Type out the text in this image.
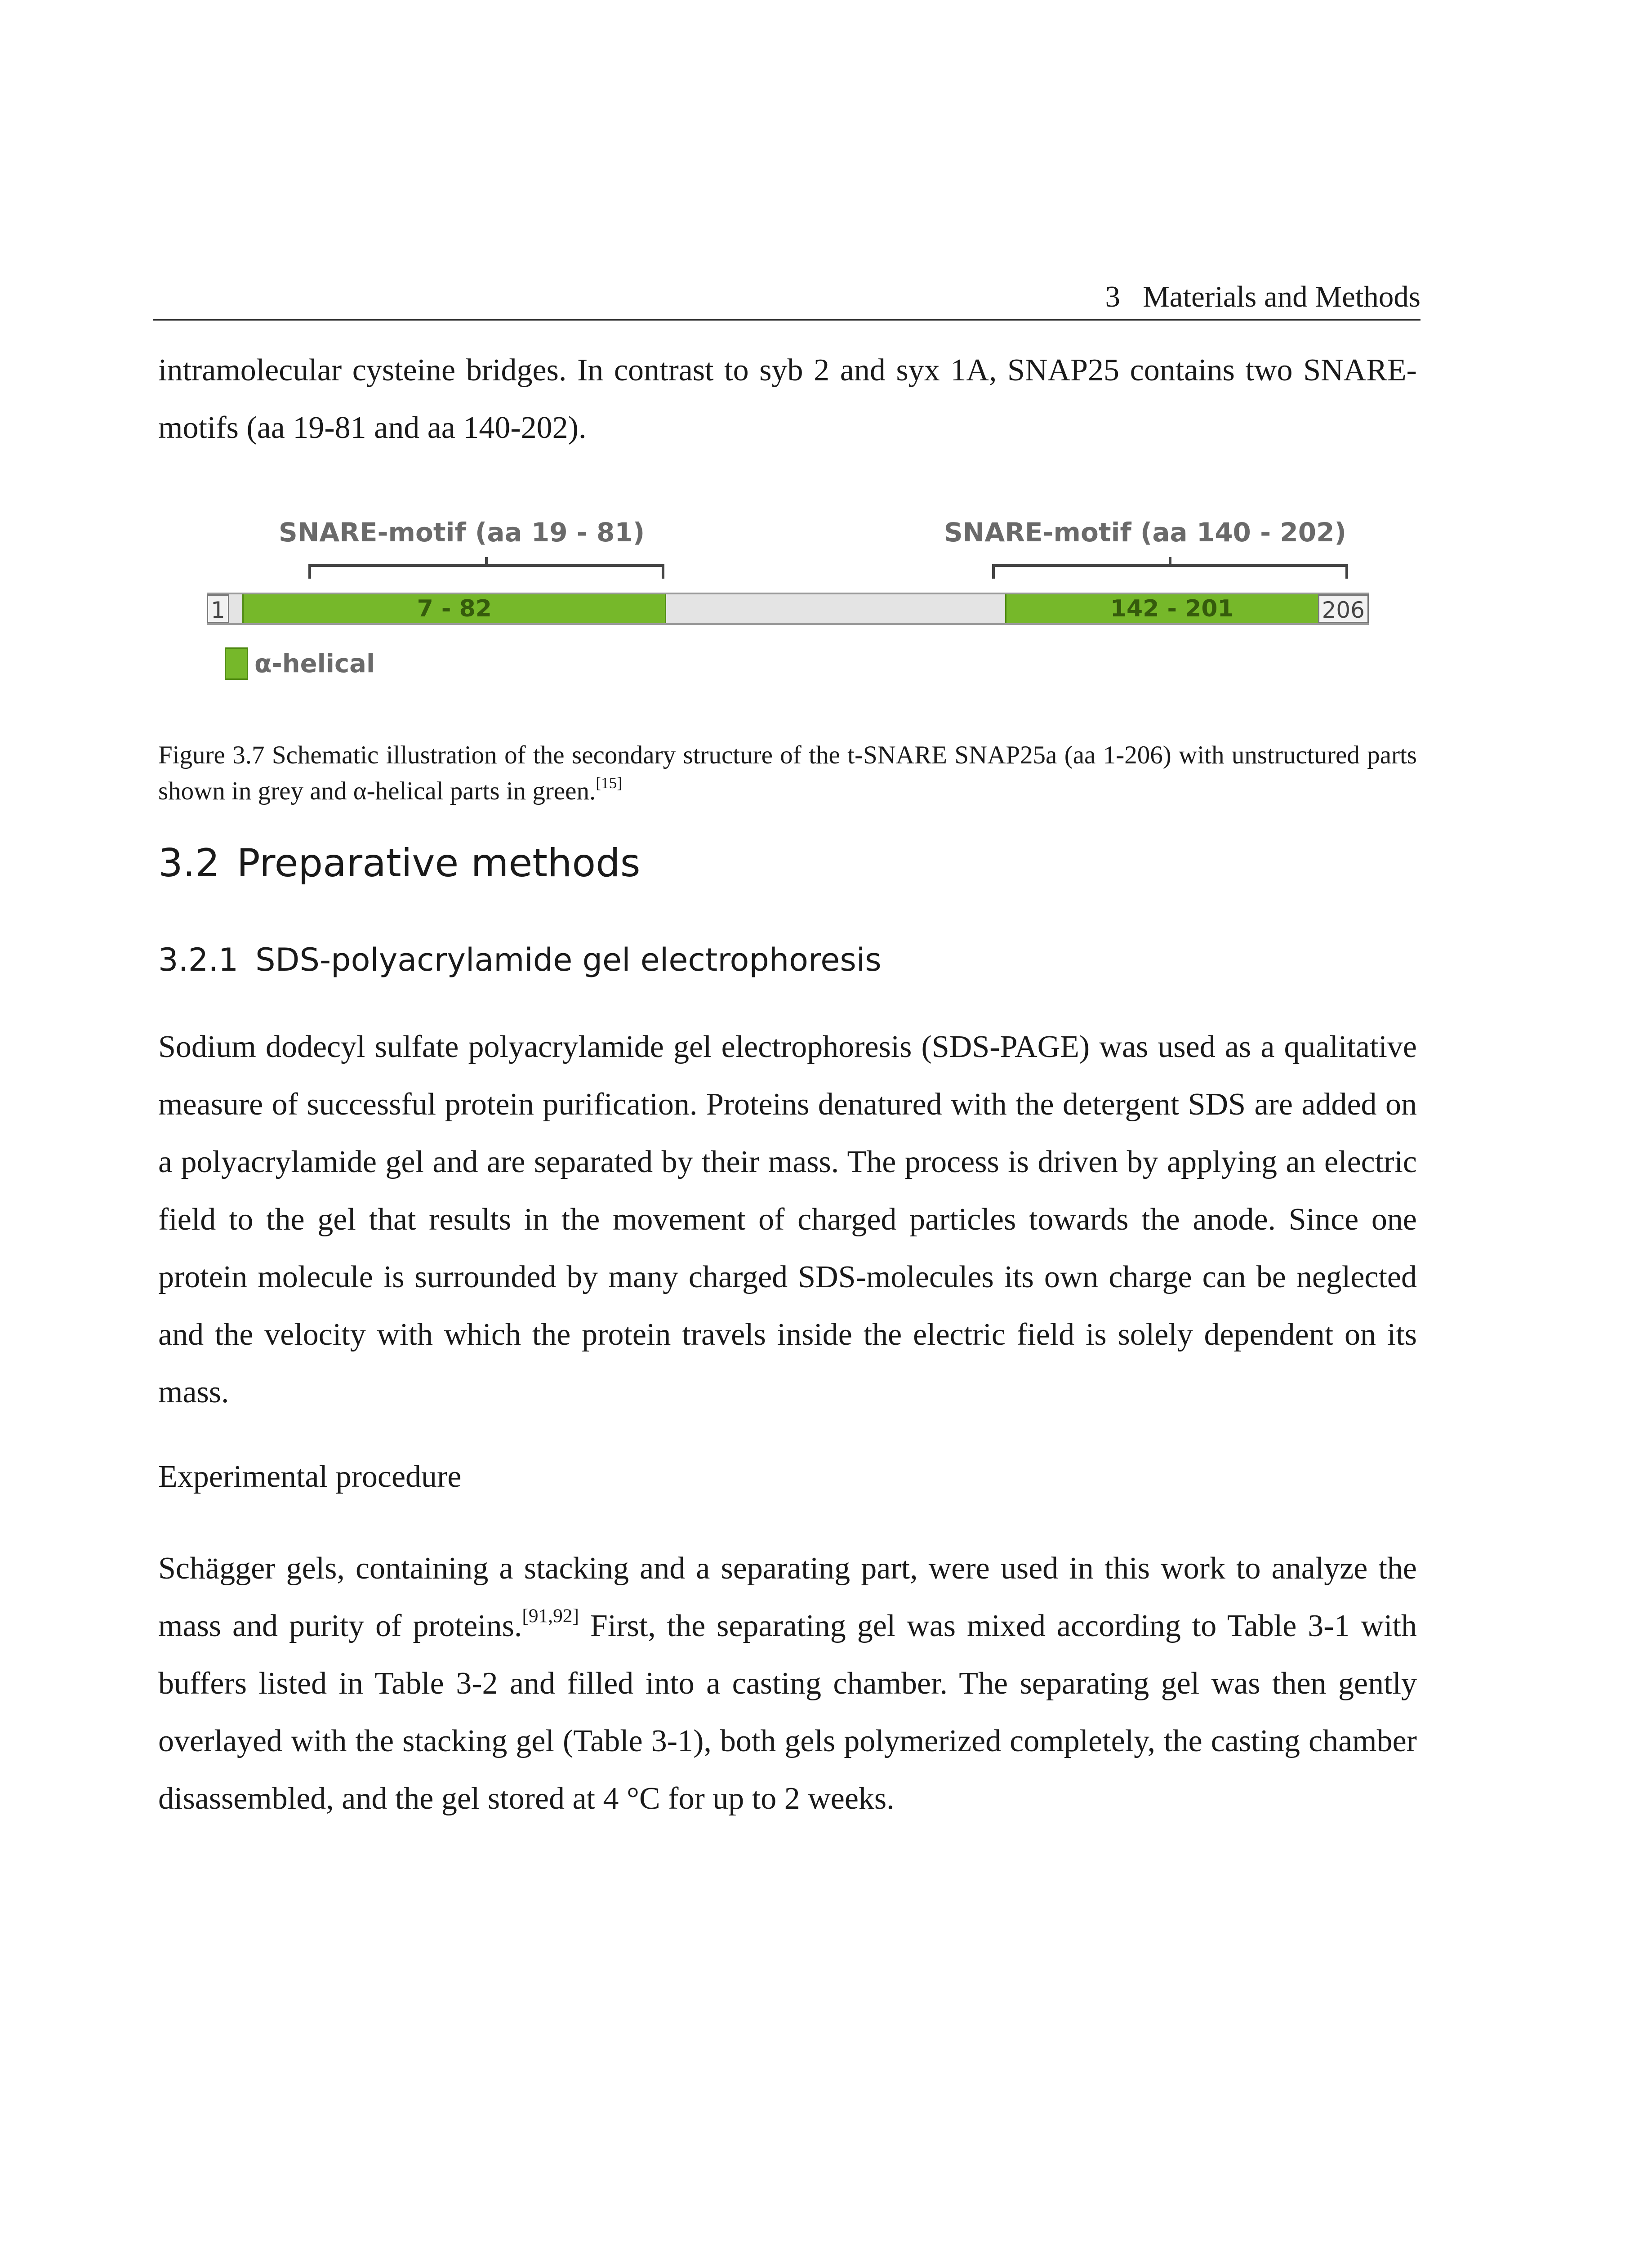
3   Materials and Methods

intramolecular cysteine bridges. In contrast to syb 2 and syx 1A, SNAP25 contains two SNARE-motifs (aa 19-81 and aa 140-202).

SNARE-motif (aa 19 - 81)	SNARE-motif (aa 140 - 202)
1	7 - 82	142 - 201	206
α-helical

Figure 3.7 Schematic illustration of the secondary structure of the t-SNARE SNAP25a (aa 1-206) with unstructured parts shown in grey and α-helical parts in green.[15]

3.2 Preparative methods
3.2.1 SDS-polyacrylamide gel electrophoresis

Sodium dodecyl sulfate polyacrylamide gel electrophoresis (SDS-PAGE) was used as a qualitative measure of successful protein purification. Proteins denatured with the detergent SDS are added on a polyacrylamide gel and are separated by their mass. The process is driven by applying an electric field to the gel that results in the movement of charged particles towards the anode. Since one protein molecule is surrounded by many charged SDS-molecules its own charge can be neglected and the velocity with which the protein travels inside the electric field is solely dependent on its mass.

Experimental procedure

Schägger gels, containing a stacking and a separating part, were used in this work to analyze the mass and purity of proteins.[91,92] First, the separating gel was mixed according to Table 3-1 with buffers listed in Table 3-2 and filled into a casting chamber. The separating gel was then gently overlayed with the stacking gel (Table 3-1), both gels polymerized completely, the casting chamber disassembled, and the gel stored at 4 °C for up to 2 weeks.
